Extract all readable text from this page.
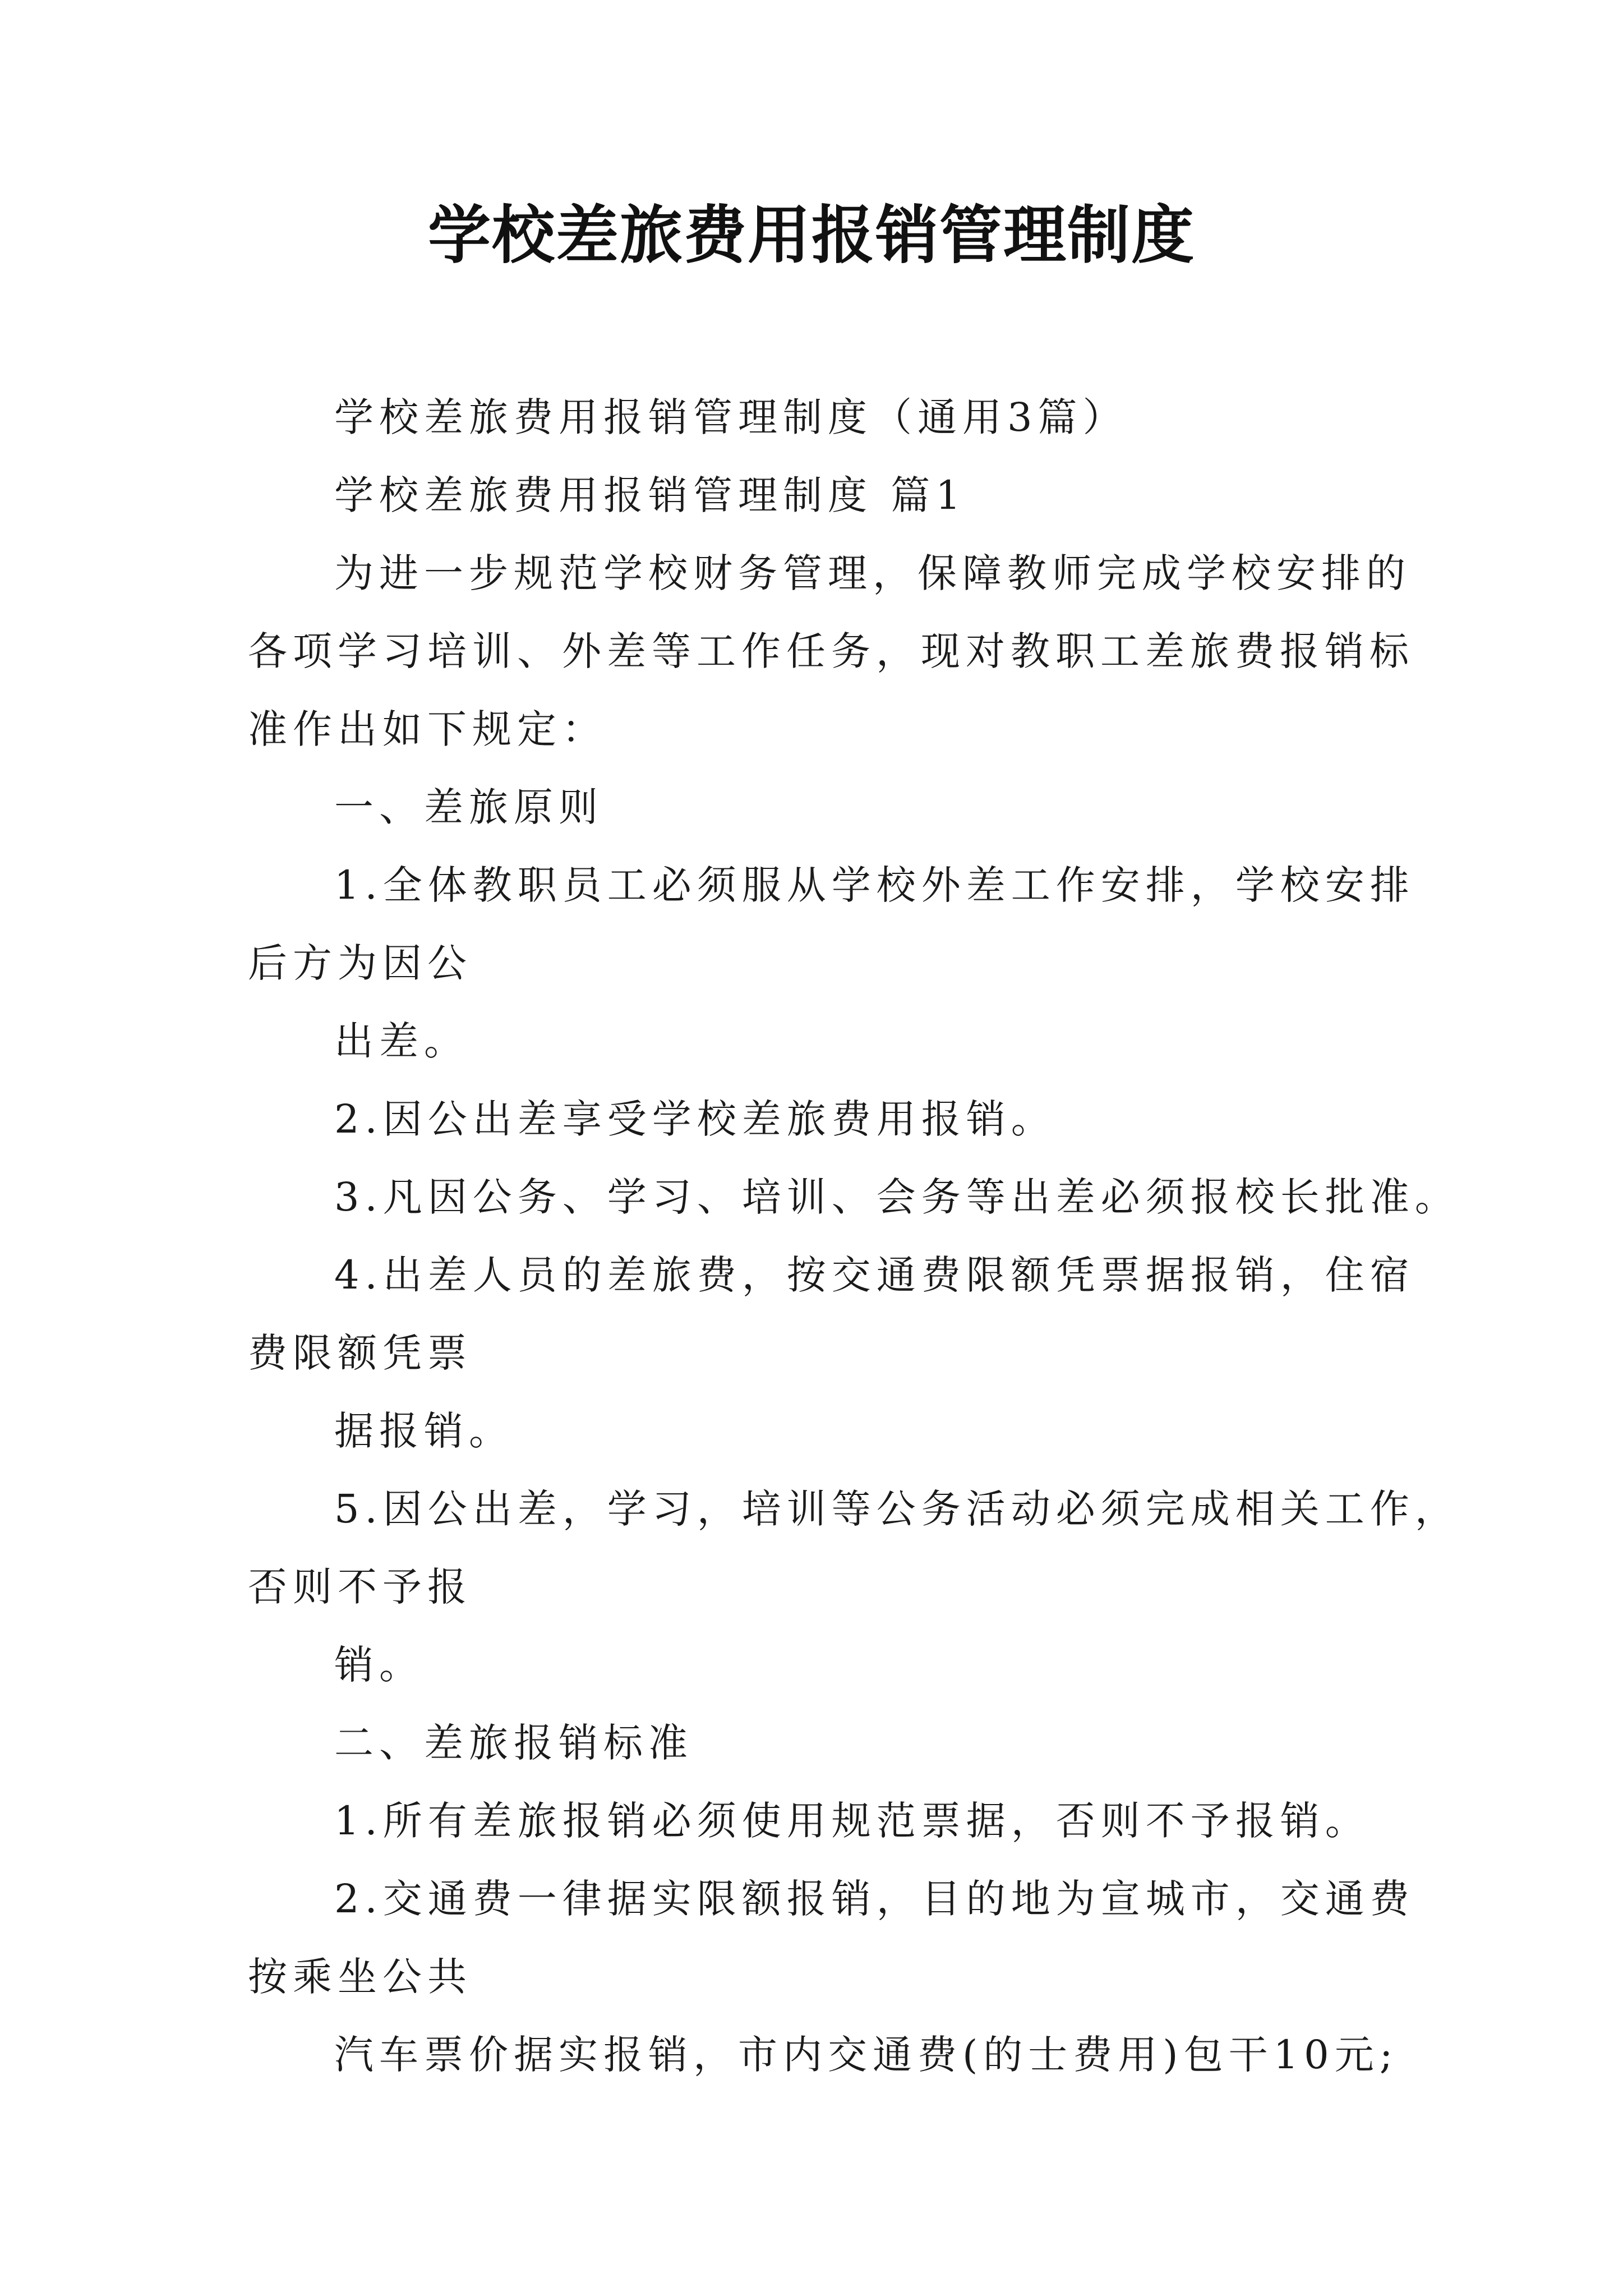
学校差旅费用报销管理制度

学校差旅费用报销管理制度（通用3篇）

学校差旅费用报销管理制度 篇1

为进一步规范学校财务管理，保障教师完成学校安排的

各项学习培训、外差等工作任务，现对教职工差旅费报销标

准作出如下规定：

一、差旅原则

1.全体教职员工必须服从学校外差工作安排，学校安排

后方为因公

出差。

2.因公出差享受学校差旅费用报销。

3.凡因公务、学习、培训、会务等出差必须报校长批准。

4.出差人员的差旅费，按交通费限额凭票据报销，住宿

费限额凭票

据报销。

5.因公出差，学习，培训等公务活动必须完成相关工作，

否则不予报

销。

二、差旅报销标准

1.所有差旅报销必须使用规范票据，否则不予报销。

2.交通费一律据实限额报销，目的地为宣城市，交通费

按乘坐公共

汽车票价据实报销，市内交通费(的士费用)包干10元;
